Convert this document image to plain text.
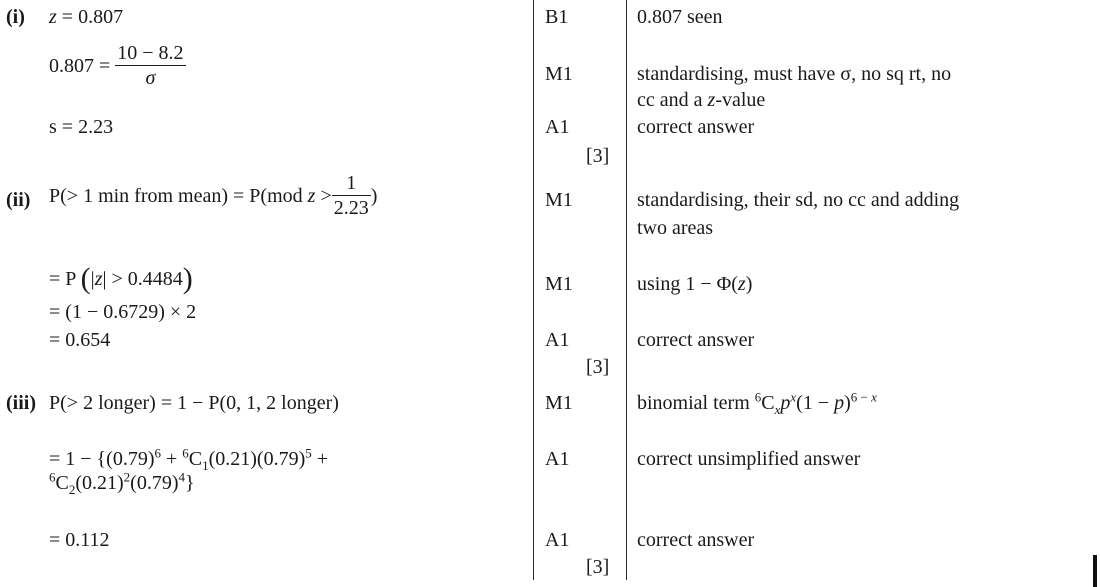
(i) z = 0.807
$0.807 = \frac{10 - 8.2}{\sigma}$
s = 2.23
B1
M1
A1
[3]
0.807 seen
standardising, must have σ, no sq rt, no
cc and a z-value
correct answer
(ii) P(> 1 min from mean) = P(mod $z > \frac{1}{2.23}$ )
= P (|z| > 0.4484)
= (1 − 0.6729) × 2
= 0.654
M1
M1
A1
[3]
standardising, their sd, no cc and adding
two areas
using 1 − Φ(z)
correct answer
(iii) P(> 2 longer) = 1 − P(0, 1, 2 longer)
= $1 - \{(0.79)^6 + ^6C_1(0.21)(0.79)^5$ +
$^6C_2(0.21)^2(0.79)^4$}
= 0.112
M1
A1
A1
[3]
binomial term $^6C_xp^x(1 - p)^{6 - x}$
correct unsimplified answer
correct answer
